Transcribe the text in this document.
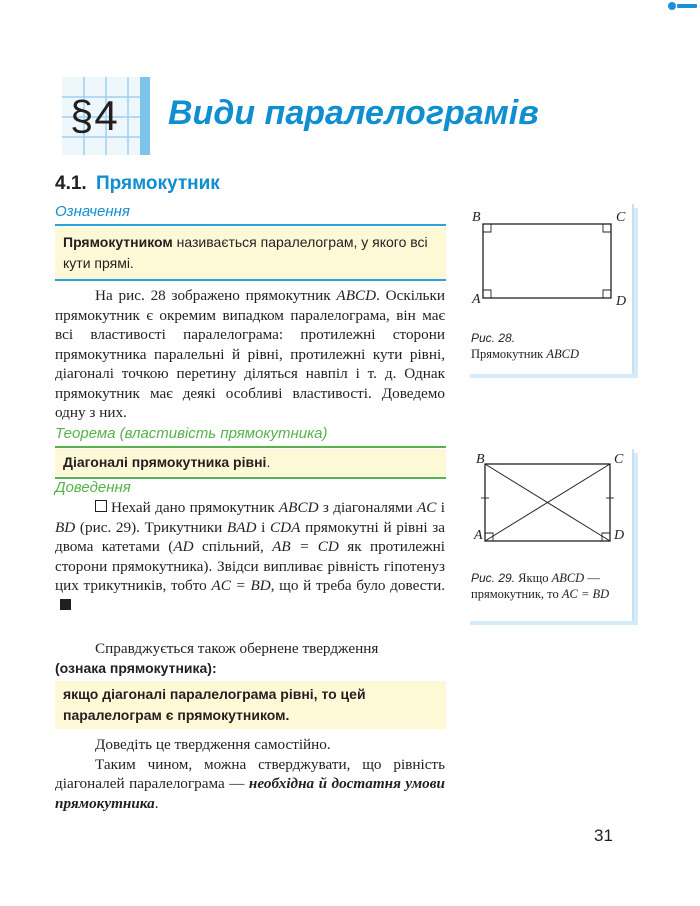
§4 Види паралелограмів
4.1. Прямокутник
Означення
Прямокутником називається паралелограм, у якого всі кути прямі.
На рис. 28 зображено прямокутник ABCD. Оскільки прямокутник є окремим випадком паралелограма, він має всі властивості паралелограма: протилежні сторони прямокутника паралельні й рівні, протилежні кути рівні, діагоналі точкою перетину діляться навпіл і т. д. Однак прямокутник має деякі особливі властивості. Доведемо одну з них.
Теорема (властивість прямокутника)
Діагоналі прямокутника рівні.
Доведення
Нехай дано прямокутник ABCD з діагоналями AC і BD (рис. 29). Трикутники BAD і CDA прямокутні й рівні за двома катетами (AD спільний, AB = CD як протилежні сторони прямокутника). Звідси випливає рівність гіпотенуз цих трикутників, тобто AC = BD, що й треба було довести.
Справджується також обернене твердження
(ознака прямокутника):
якщо діагоналі паралелограма рівні, то цей паралелограм є прямокутником.
Доведіть це твердження самостійно.
Таким чином, можна стверджувати, що рівність діагоналей паралелограма — необхідна й достатня умови прямокутника.
B	C
A	D
Рис. 28.
Прямокутник ABCD
B	C
A	D
Рис. 29. Якщо ABCD — прямокутник, то AC = BD
31
